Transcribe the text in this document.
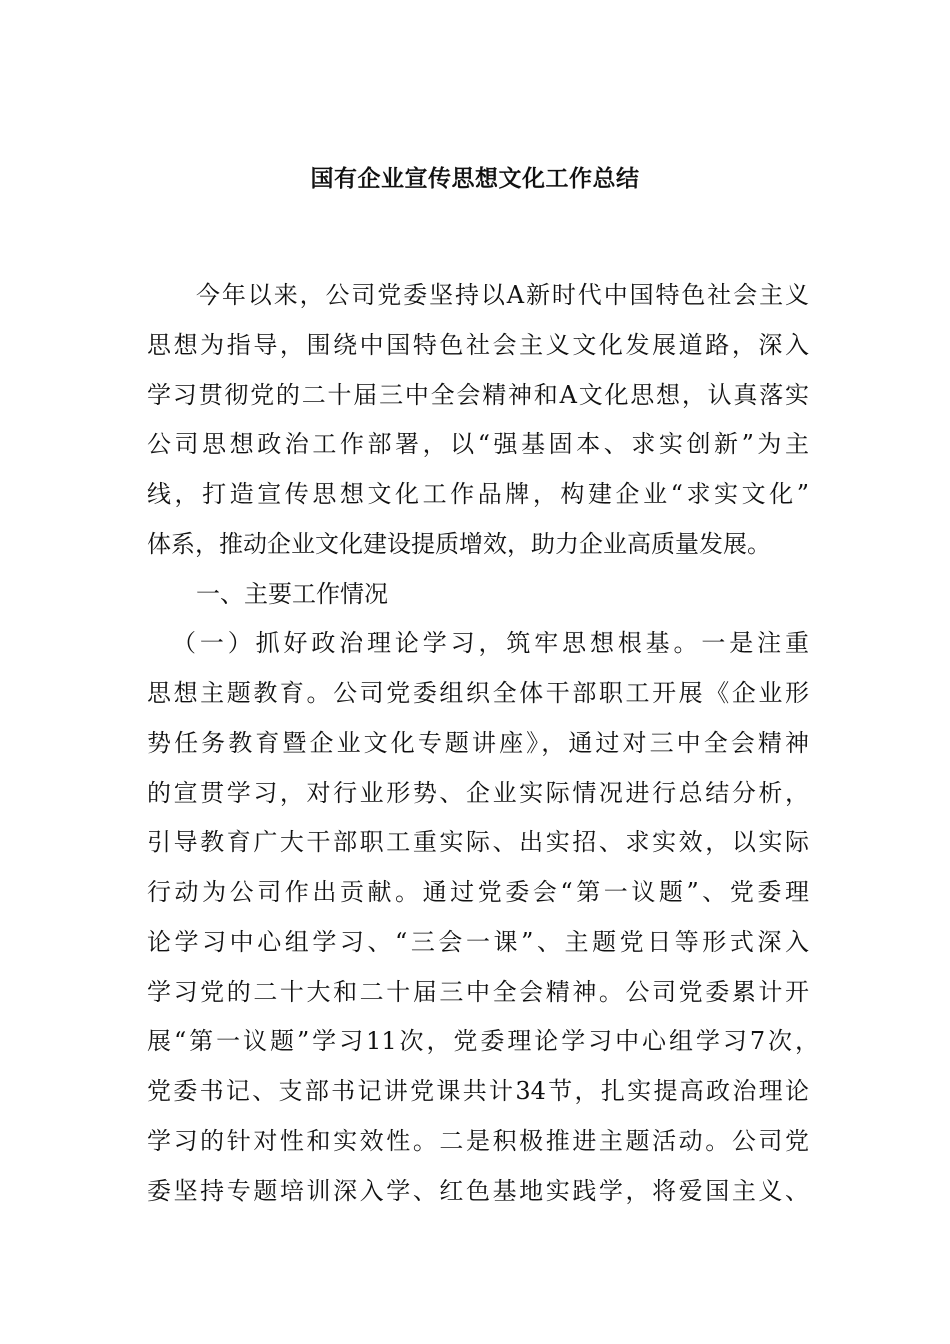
国有企业宣传思想文化工作总结
今年以来，公司党委坚持以A新时代中国特色社会主义
思想为指导，围绕中国特色社会主义文化发展道路，深入
学习贯彻党的二十届三中全会精神和A文化思想，认真落实
公司思想政治工作部署，以“强基固本、求实创新”为主
线，打造宣传思想文化工作品牌，构建企业“求实文化”
体系，推动企业文化建设提质增效，助力企业高质量发展。
一、主要工作情况
（一）抓好政治理论学习，筑牢思想根基。一是注重
思想主题教育。公司党委组织全体干部职工开展《企业形
势任务教育暨企业文化专题讲座》，通过对三中全会精神
的宣贯学习，对行业形势、企业实际情况进行总结分析，
引导教育广大干部职工重实际、出实招、求实效，以实际
行动为公司作出贡献。通过党委会“第一议题”、党委理
论学习中心组学习、“三会一课”、主题党日等形式深入
学习党的二十大和二十届三中全会精神。公司党委累计开
展“第一议题”学习11次，党委理论学习中心组学习7次，
党委书记、支部书记讲党课共计34节，扎实提高政治理论
学习的针对性和实效性。二是积极推进主题活动。公司党
委坚持专题培训深入学、红色基地实践学，将爱国主义、
